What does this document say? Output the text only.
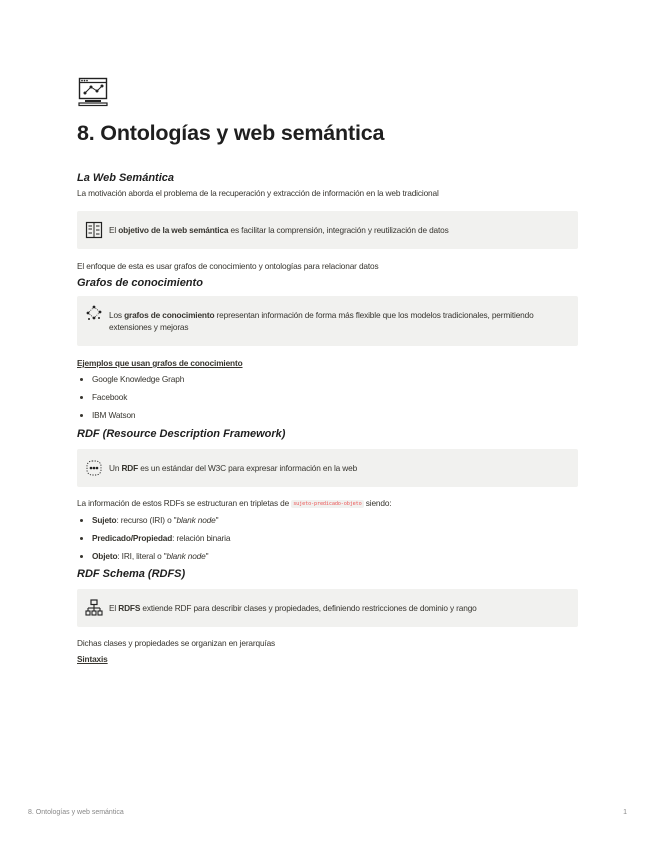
8. Ontologías y web semántica
La Web Semántica

La motivación aborda el problema de la recuperación y extracción de información en la web tradicional

El objetivo de la web semántica es facilitar la comprensión, integración y reutilización de datos

El enfoque de esta es usar grafos de conocimiento y ontologías para relacionar datos

Grafos de conocimiento
Los grafos de conocimiento representan información de forma más flexible que los modelos tradicionales, permitiendo extensiones y mejoras

Ejemplos que usan grafos de conocimiento

• Google Knowledge Graph
• Facebook
• IBM Watson
RDF (Resource Description Framework)
Un RDF es un estándar del W3C para expresar información en la web

La información de estos RDFs se estructuran en tripletas de sujeto-predicado-objeto siendo:

• Sujeto: recurso (IRI) o "blank node"
• Predicado/Propiedad: relación binaria
• Objeto: IRI, literal o "blank node"
RDF Schema (RDFS)
El RDFS extiende RDF para describir clases y propiedades, definiendo restricciones de dominio y rango

Dichas clases y propiedades se organizan en jerarquías

Sintaxis

8. Ontologías y web semántica	1
